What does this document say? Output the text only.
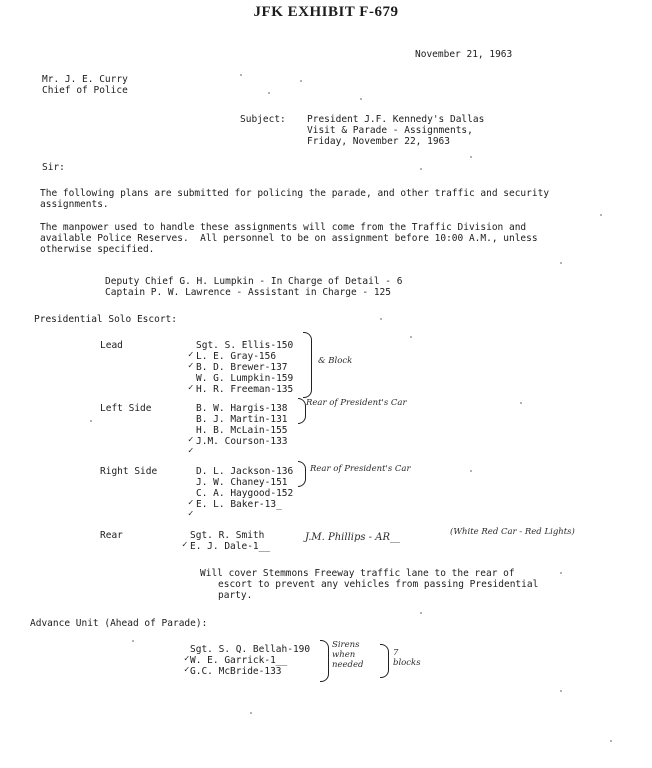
JFK EXHIBIT F-679
November 21, 1963
Mr. J. E. Curry
Chief of Police
Subject: President J.F. Kennedy's Dallas
Visit & Parade - Assignments,
Friday, November 22, 1963
Sir:
The following plans are submitted for policing the parade, and other traffic and security
assignments.
The manpower used to handle these assignments will come from the Traffic Division and
available Police Reserves.  All personnel to be on assignment before 10:00 A.M., unless
otherwise specified.
Deputy Chief G. H. Lumpkin - In Charge of Detail - 6
Captain P. W. Lawrence - Assistant in Charge - 125
Presidential Solo Escort:
Lead	Sgt. S. Ellis-150
L. E. Gray-156
B. D. Brewer-137
W. G. Lumpkin-159
H. R. Freeman-135
& Block
Left Side	B. W. Hargis-138
B. J. Martin-131
H. B. McLain-155
J.M. Courson-133
Rear of President's Car
Right Side	D. L. Jackson-136
J. W. Chaney-151
C. A. Haygood-152
E. L. Baker-13_
Rear of President's Car
Rear	Sgt. R. Smith
E. J. Dale-1__
J.M. Phillips - AR__	(White Red Car - Red Lights)
Will cover Stemmons Freeway traffic lane to the rear of
escort to prevent any vehicles from passing Presidential
party.
Advance Unit (Ahead of Parade):
Sgt. S. Q. Bellah-190
W. E. Garrick-1__
G.C. McBride-133
Sirens
when
needed
7
blocks
✓
✓
✓
✓
✓
✓
✓
✓
✓
✓
